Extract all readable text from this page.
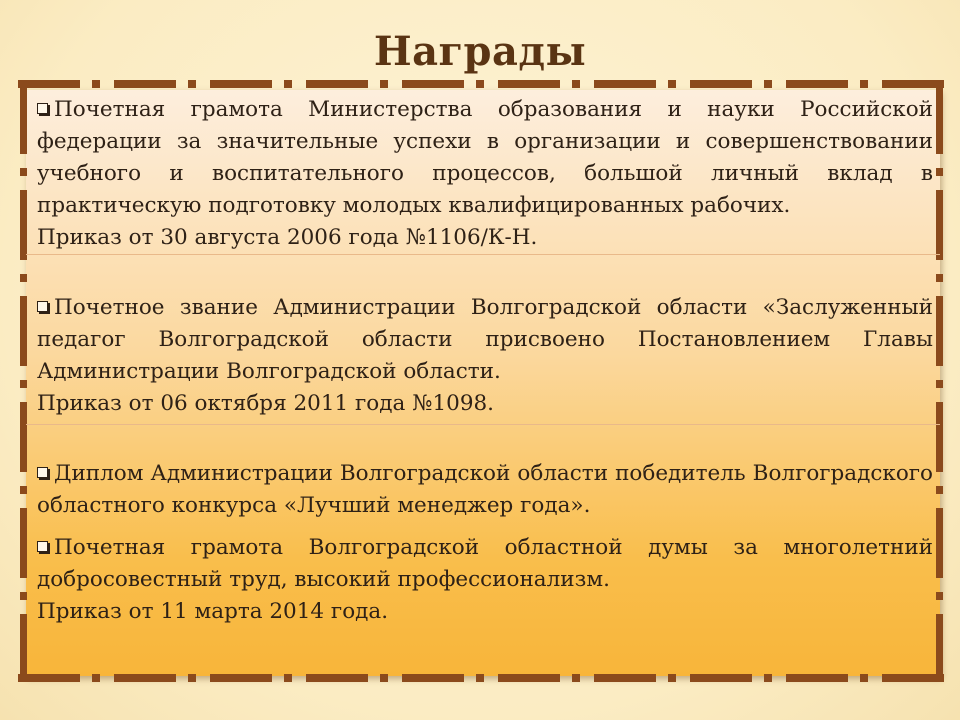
Награды

Почетная грамота Министерства образования и науки Российской федерации за значительные успехи в организации и совершенствовании учебного и воспитательного процессов, большой личный вклад в практическую подготовку молодых квалифицированных рабочих.

Приказ от 30 августа 2006 года №1106/К-Н.

Почетное звание Администрации Волгоградской области «Заслуженный педагог Волгоградской области присвоено Постановлением Главы Администрации Волгоградской области.

Приказ от 06 октября 2011 года №1098.

Диплом Администрации Волгоградской области победитель Волгоградского областного конкурса «Лучший менеджер года».

Почетная грамота Волгоградской областной думы за многолетний добросовестный труд, высокий профессионализм.

Приказ от 11 марта 2014 года.
